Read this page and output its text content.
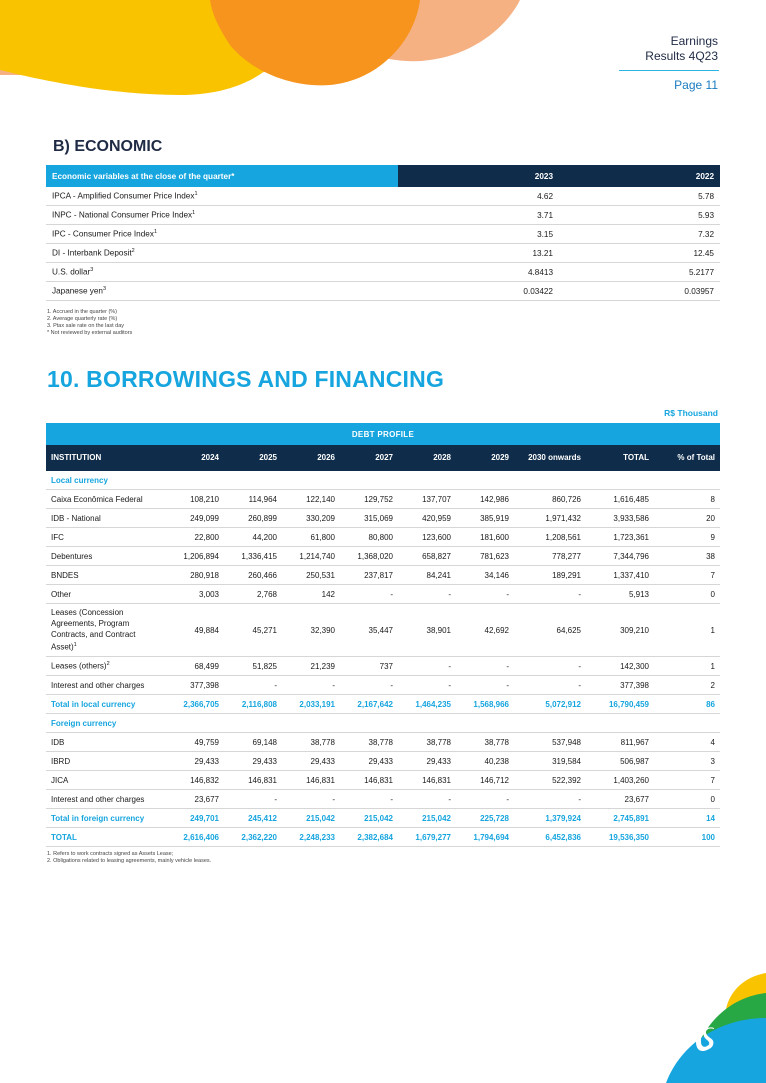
Earnings
Results 4Q23
Page 11
B) ECONOMIC
Economic variables at the close of the quarter*	2023	2022
IPCA - Amplified Consumer Price Index$^1$	4.62	5.78
INPC - National Consumer Price Index$^1$	3.71	5.93
IPC - Consumer Price Index$^1$	3.15	7.32
DI - Interbank Deposit$^2$	13.21	12.45
U.S. dollar$^3$	4.8413	5.2177
Japanese yen$^3$	0.03422	0.03957
1. Accrued in the quarter (%)
2. Average quarterly rate (%)
3. Ptax sale rate on the last day
* Not reviewed by external auditors
10. BORROWINGS AND FINANCING
R$ Thousand
DEBT PROFILE									
INSTITUTION	2024	2025	2026	2027	2028	2029	2030 onwards	TOTAL	% of Total
Local currency									
Caixa Econômica Federal	108,210	114,964	122,140	129,752	137,707	142,986	860,726	1,616,485	8
IDB - National	249,099	260,899	330,209	315,069	420,959	385,919	1,971,432	3,933,586	20
IFC	22,800	44,200	61,800	80,800	123,600	181,600	1,208,561	1,723,361	9
Debentures	1,206,894	1,336,415	1,214,740	1,368,020	658,827	781,623	778,277	7,344,796	38
BNDES	280,918	260,466	250,531	237,817	84,241	34,146	189,291	1,337,410	7
Other	3,003	2,768	142	-	-	-	-	5,913	0
Leases (Concession Agreements, Program Contracts, and Contract Asset)$^1$	49,884	45,271	32,390	35,447	38,901	42,692	64,625	309,210	1
Leases (others)$^2$	68,499	51,825	21,239	737	-	-	-	142,300	1
Interest and other charges	377,398	-	-	-	-	-	-	377,398	2
Total in local currency	2,366,705	2,116,808	2,033,191	2,167,642	1,464,235	1,568,966	5,072,912	16,790,459	86
Foreign currency									
IDB	49,759	69,148	38,778	38,778	38,778	38,778	537,948	811,967	4
IBRD	29,433	29,433	29,433	29,433	29,433	40,238	319,584	506,987	3
JICA	146,832	146,831	146,831	146,831	146,831	146,712	522,392	1,403,260	7
Interest and other charges	23,677	-	-	-	-	-	-	23,677	0
Total in foreign currency	249,701	245,412	215,042	215,042	215,042	225,728	1,379,924	2,745,891	14
TOTAL	2,616,406	2,362,220	2,248,233	2,382,684	1,679,277	1,794,694	6,452,836	19,536,350	100
1. Refers to work contracts signed as Assets Lease;
2. Obligations related to leasing agreements, mainly vehicle leases.
